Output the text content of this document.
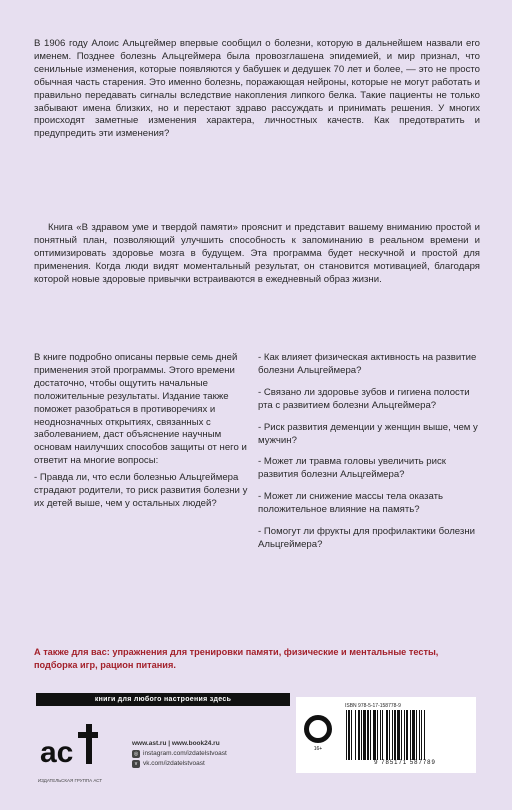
В 1906 году Алоис Альцгеймер впервые сообщил о болезни, которую в дальнейшем назвали его именем. Позднее болезнь Альцгеймера была провозглашена эпидемией, и мир признал, что сенильные изменения, которые появляются у бабушек и дедушек 70 лет и более, — это не просто обычная часть старения. Это именно болезнь, поражающая нейроны, которые не могут работать и правильно передавать сигналы вследствие накопления липкого белка. Такие пациенты не только забывают имена близких, но и перестают здраво рассуждать и принимать решения. У многих происходят заметные изменения характера, личностных качеств. Как предотвратить и предупредить эти изменения?

Книга «В здравом уме и твердой памяти» прояснит и представит вашему вниманию простой и понятный план, позволяющий улучшить способность к запоминанию в реальном времени и оптимизировать здоровье мозга в будущем. Эта программа будет нескучной и простой для применения. Когда люди видят моментальный результат, он становится мотивацией, благодаря которой новые здоровые привычки встраиваются в ежедневный образ жизни.

В книге подробно описаны первые семь дней применения этой программы. Этого времени достаточно, чтобы ощутить начальные положительные результаты. Издание также поможет разобраться в противоречиях и неоднозначных открытиях, связанных с заболеванием, даст объяснение научным основам наилучших способов защиты от него и ответит на многие вопросы:

- Правда ли, что если болезнью Альцгеймера страдают родители, то риск развития болезни у их детей выше, чем у остальных людей?

- Как влияет физическая активность на развитие болезни Альцгеймера?

- Связано ли здоровье зубов и гигиена полости рта с развитием болезни Альцгеймера?

- Риск развития деменции у женщин выше, чем у мужчин?

- Может ли травма головы увеличить риск развития болезни Альцгеймера?

- Может ли снижение массы тела оказать положительное влияние на память?

- Помогут ли фрукты для профилактики болезни Альцгеймера?

А также для вас: упражнения для тренировки памяти, физические и ментальные тесты, подборка игр, рацион питания.

книги для любого настроения здесь
ас
ИЗДАТЕЛЬСКАЯ ГРУППА АСТ
www.ast.ru | www.book24.ru
◎ instagram.com/izdatelstvoast
v vk.com/izdatelstvoast
16+
ISBN 978-5-17-158778-9
9 785171 587789
